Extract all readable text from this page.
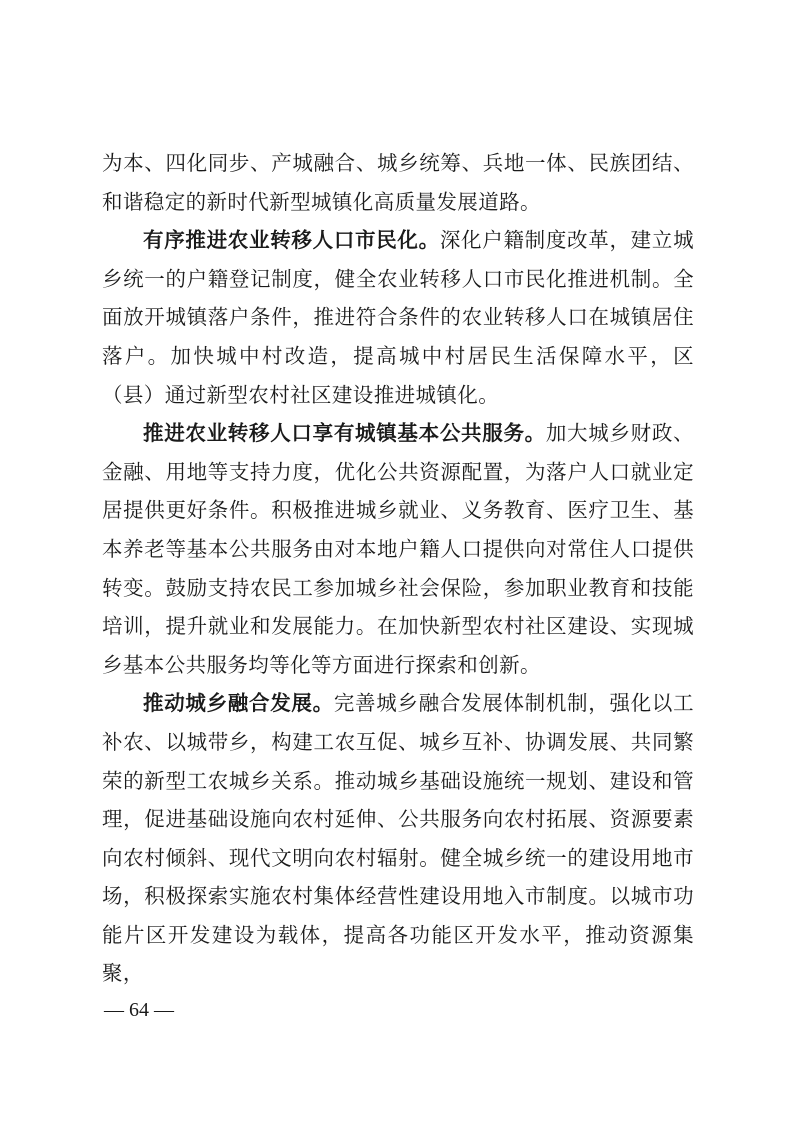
为本、四化同步、产城融合、城乡统筹、兵地一体、民族团结、和谐稳定的新时代新型城镇化高质量发展道路。

有序推进农业转移人口市民化。深化户籍制度改革，建立城乡统一的户籍登记制度，健全农业转移人口市民化推进机制。全面放开城镇落户条件，推进符合条件的农业转移人口在城镇居住落户。加快城中村改造，提高城中村居民生活保障水平，区（县）通过新型农村社区建设推进城镇化。

推进农业转移人口享有城镇基本公共服务。加大城乡财政、金融、用地等支持力度，优化公共资源配置，为落户人口就业定居提供更好条件。积极推进城乡就业、义务教育、医疗卫生、基本养老等基本公共服务由对本地户籍人口提供向对常住人口提供转变。鼓励支持农民工参加城乡社会保险，参加职业教育和技能培训，提升就业和发展能力。在加快新型农村社区建设、实现城乡基本公共服务均等化等方面进行探索和创新。

推动城乡融合发展。完善城乡融合发展体制机制，强化以工补农、以城带乡，构建工农互促、城乡互补、协调发展、共同繁荣的新型工农城乡关系。推动城乡基础设施统一规划、建设和管理，促进基础设施向农村延伸、公共服务向农村拓展、资源要素向农村倾斜、现代文明向农村辐射。健全城乡统一的建设用地市场，积极探索实施农村集体经营性建设用地入市制度。以城市功能片区开发建设为载体，提高各功能区开发水平，推动资源集聚，

— 64 —
